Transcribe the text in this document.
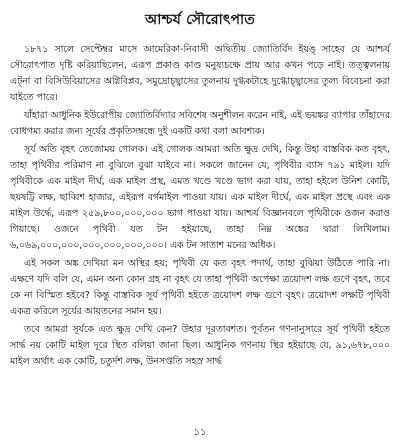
আশ্চর্য সৌরোৎপাত

১৮৭১ সালে সেপ্টেম্বর মাসে আমেরিকা-নিবাসী অদ্বিতীয় জ্যোতির্বিদ ইয়ঙ্ সাহেব যে আশ্চর্য সৌরোৎপাত দৃষ্টি করিয়াছিলেন, এরূপ প্রকাণ্ড কাণ্ড মনুষ্যচক্ষে প্রায় আর কখন পড়ে নাই। তত্ত্বলনায় এট্‌না বা বিসিউবিয়াসের অগ্নিবিপ্লব, সমুদ্রোচ্ছ্বাসের তুলনায় দুগ্ধকটাহে দুগ্ধোচ্ছ্বাসের তুল্য বিবেচনা করা যাইতে পারে।

যাঁহারা আধুনিক ইউরোপীয় জ্যোতির্বিদ্যার সবিশেষ অনুশীলন করেন নাই, এই ভয়ঙ্কর ব্যাপার তাঁহাদের বোধগম্য করার জন্য সূর্যের প্রকৃতিসম্বন্ধে দুই একটি কথা বলা আবশ্যক।

সূর্য অতি বৃহৎ তেজোময় গোলক। এই গোলক আমরা অতি ক্ষুদ্র দেখি, কিন্তু উহা বাস্তবিক কত বৃহৎ, তাহা পৃথিবীর পরিমাণ না বুঝিলে বুঝা যাইবে না। সকলে জানেন যে, পৃথিবীর ব্যাস ৭৯১ মাইল। যদি পৃথিবীকে এক মাইল দীর্ঘ, এক মাইল প্রস্থ, এমত খণ্ডে খণ্ডে ভাগ করা যায়, তাহা হইলে উনিশ কোটি, ছয়ষট্টি লক্ষ, ছাব্বিশ হাজার, এইরূপ বর্গমাইল পাওয়া যায়। এক মাইল দীর্ঘে, এক মাইল প্রস্থে এবং এক মাইল উর্দ্ধে, এরূপ ২৫৯,৮০০,০০০,০০০ ভাগ পাওয়া যায়। আশ্চর্য বিজ্ঞানবলে পৃথিবীকে ওজন করাও গিয়াছে। ওজনে পৃথিবী যত টন হইয়াছে, তাহা নিম্ন অঙ্কের দ্বারা লিখিলাম। ৬,০৬৯,০০০,০০০,০০০,০০০,০০০,০০০। এক টন সাতাশ মনের অধিক।

এই সকল অঙ্ক দেখিয়া মন অস্থির হয়; পৃথিবী যে কত বৃহৎ পদার্থ, তাহা বুঝিয়া উঠিতে পারি না। এক্ষণে যদি বলি যে, এমন অন্য কোন গ্রহ না বৃহৎ যে তাহা পৃথিবী অপেক্ষা ত্রয়োদশ লক্ষ গুণে বৃহৎ, তবে কে না বিস্মিত হইবে? কিন্তু বাস্তবিক সূর্য পৃথিবী হইতে ত্রয়োদশ লক্ষ গুণে বৃহৎ। ত্রয়োদশ লক্ষটি পৃথিবী একত্র করিলে সূর্যের আয়তনের সমান হয়।

তবে আমরা সূর্যকে এত ক্ষুদ্র দেখি কেন? উহার দূরতাবশত। পূর্বতন গণনানুসারে সূর্য পৃথিবী হইতে সার্দ্ধ নয় কোটি মাইল দূরে স্থিত বলিয়া জানা ছিল। আধুনিক গণনায় স্থির হইয়াছে যে, ৯১,৬৭৮,০০০ মাইল অর্থাৎ এক কোটি, চতুর্দশ লক্ষ, উনসপ্ততি সহস্র সার্দ্ধ

১১
